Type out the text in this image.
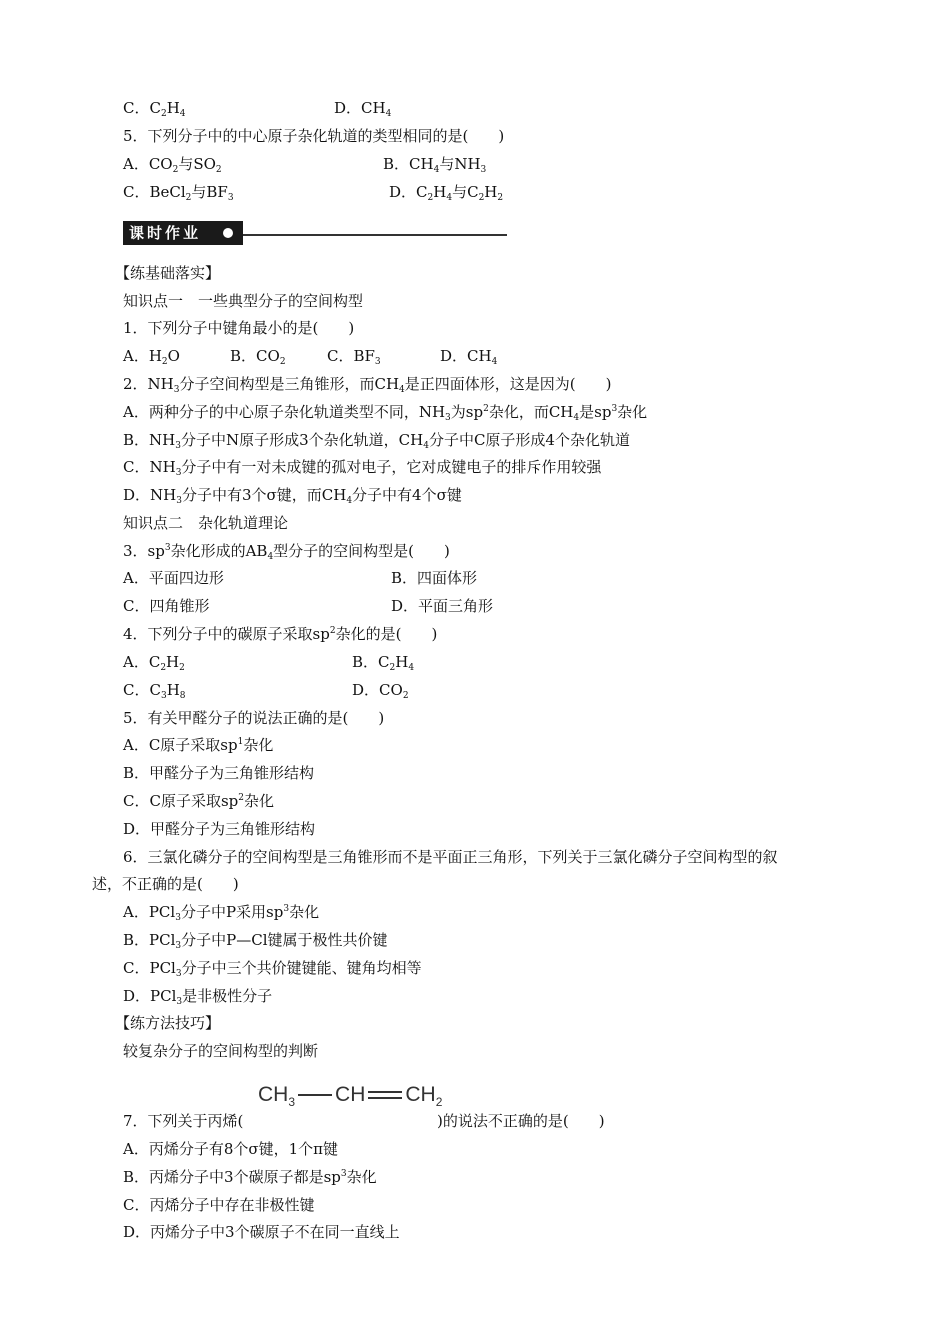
C．$C_2H_4$	D．$CH_4$
5．下列分子中的中心原子杂化轨道的类型相同的是(　　)
A．$CO_2$与$SO_2$	B．$CH_4$与$NH_3$
C．BeCl$_2$与$BF_3$	D．$C_2H_4$与$C_2H_2$
课时作业
【练基础落实】
知识点一　一些典型分子的空间构型
1．下列分子中键角最小的是(　　)
A．$H_2O$	B．$CO_2$	C．$BF_3$	D．$CH_4$
2．$NH_3$分子空间构型是三角锥形，而$CH_4$是正四面体形，这是因为(　　)
A．两种分子的中心原子杂化轨道类型不同，$NH_3$为$sp^2$杂化，而$CH_4$是$sp^3$杂化
B．$NH_3$分子中N原子形成3个杂化轨道，$CH_4$分子中C原子形成4个杂化轨道
C．$NH_3$分子中有一对未成键的孤对电子，它对成键电子的排斥作用较强
D．$NH_3$分子中有3个σ键，而$CH_4$分子中有4个σ键
知识点二　杂化轨道理论
3．$sp^3$杂化形成的$AB_4$型分子的空间构型是(　　)
A．平面四边形	B．四面体形
C．四角锥形	D．平面三角形
4．下列分子中的碳原子采取$sp^2$杂化的是(　　)
A．$C_2H_2$	B．$C_2H_4$
C．$C_3H_8$	D．$CO_2$
5．有关甲醛分子的说法正确的是(　　)
A．C原子采取$sp^1$杂化
B．甲醛分子为三角锥形结构
C．C原子采取$sp^2$杂化
D．甲醛分子为三角锥形结构
6．三氯化磷分子的空间构型是三角锥形而不是平面正三角形，下列关于三氯化磷分子空间构型的叙
述，不正确的是(　　)
A．PCl$_3$分子中P采用$sp^3$杂化
B．PCl$_3$分子中P—Cl键属于极性共价键
C．PCl$_3$分子中三个共价键键能、键角均相等
D．PCl$_3$是非极性分子
【练方法技巧】
较复杂分子的空间构型的判断
$CH_3$ CH $CH_2$
7．下列关于丙烯(	)的说法不正确的是(　　)
A．丙烯分子有8个σ键，1个π键
B．丙烯分子中3个碳原子都是$sp^3$杂化
C．丙烯分子中存在非极性键
D．丙烯分子中3个碳原子不在同一直线上
